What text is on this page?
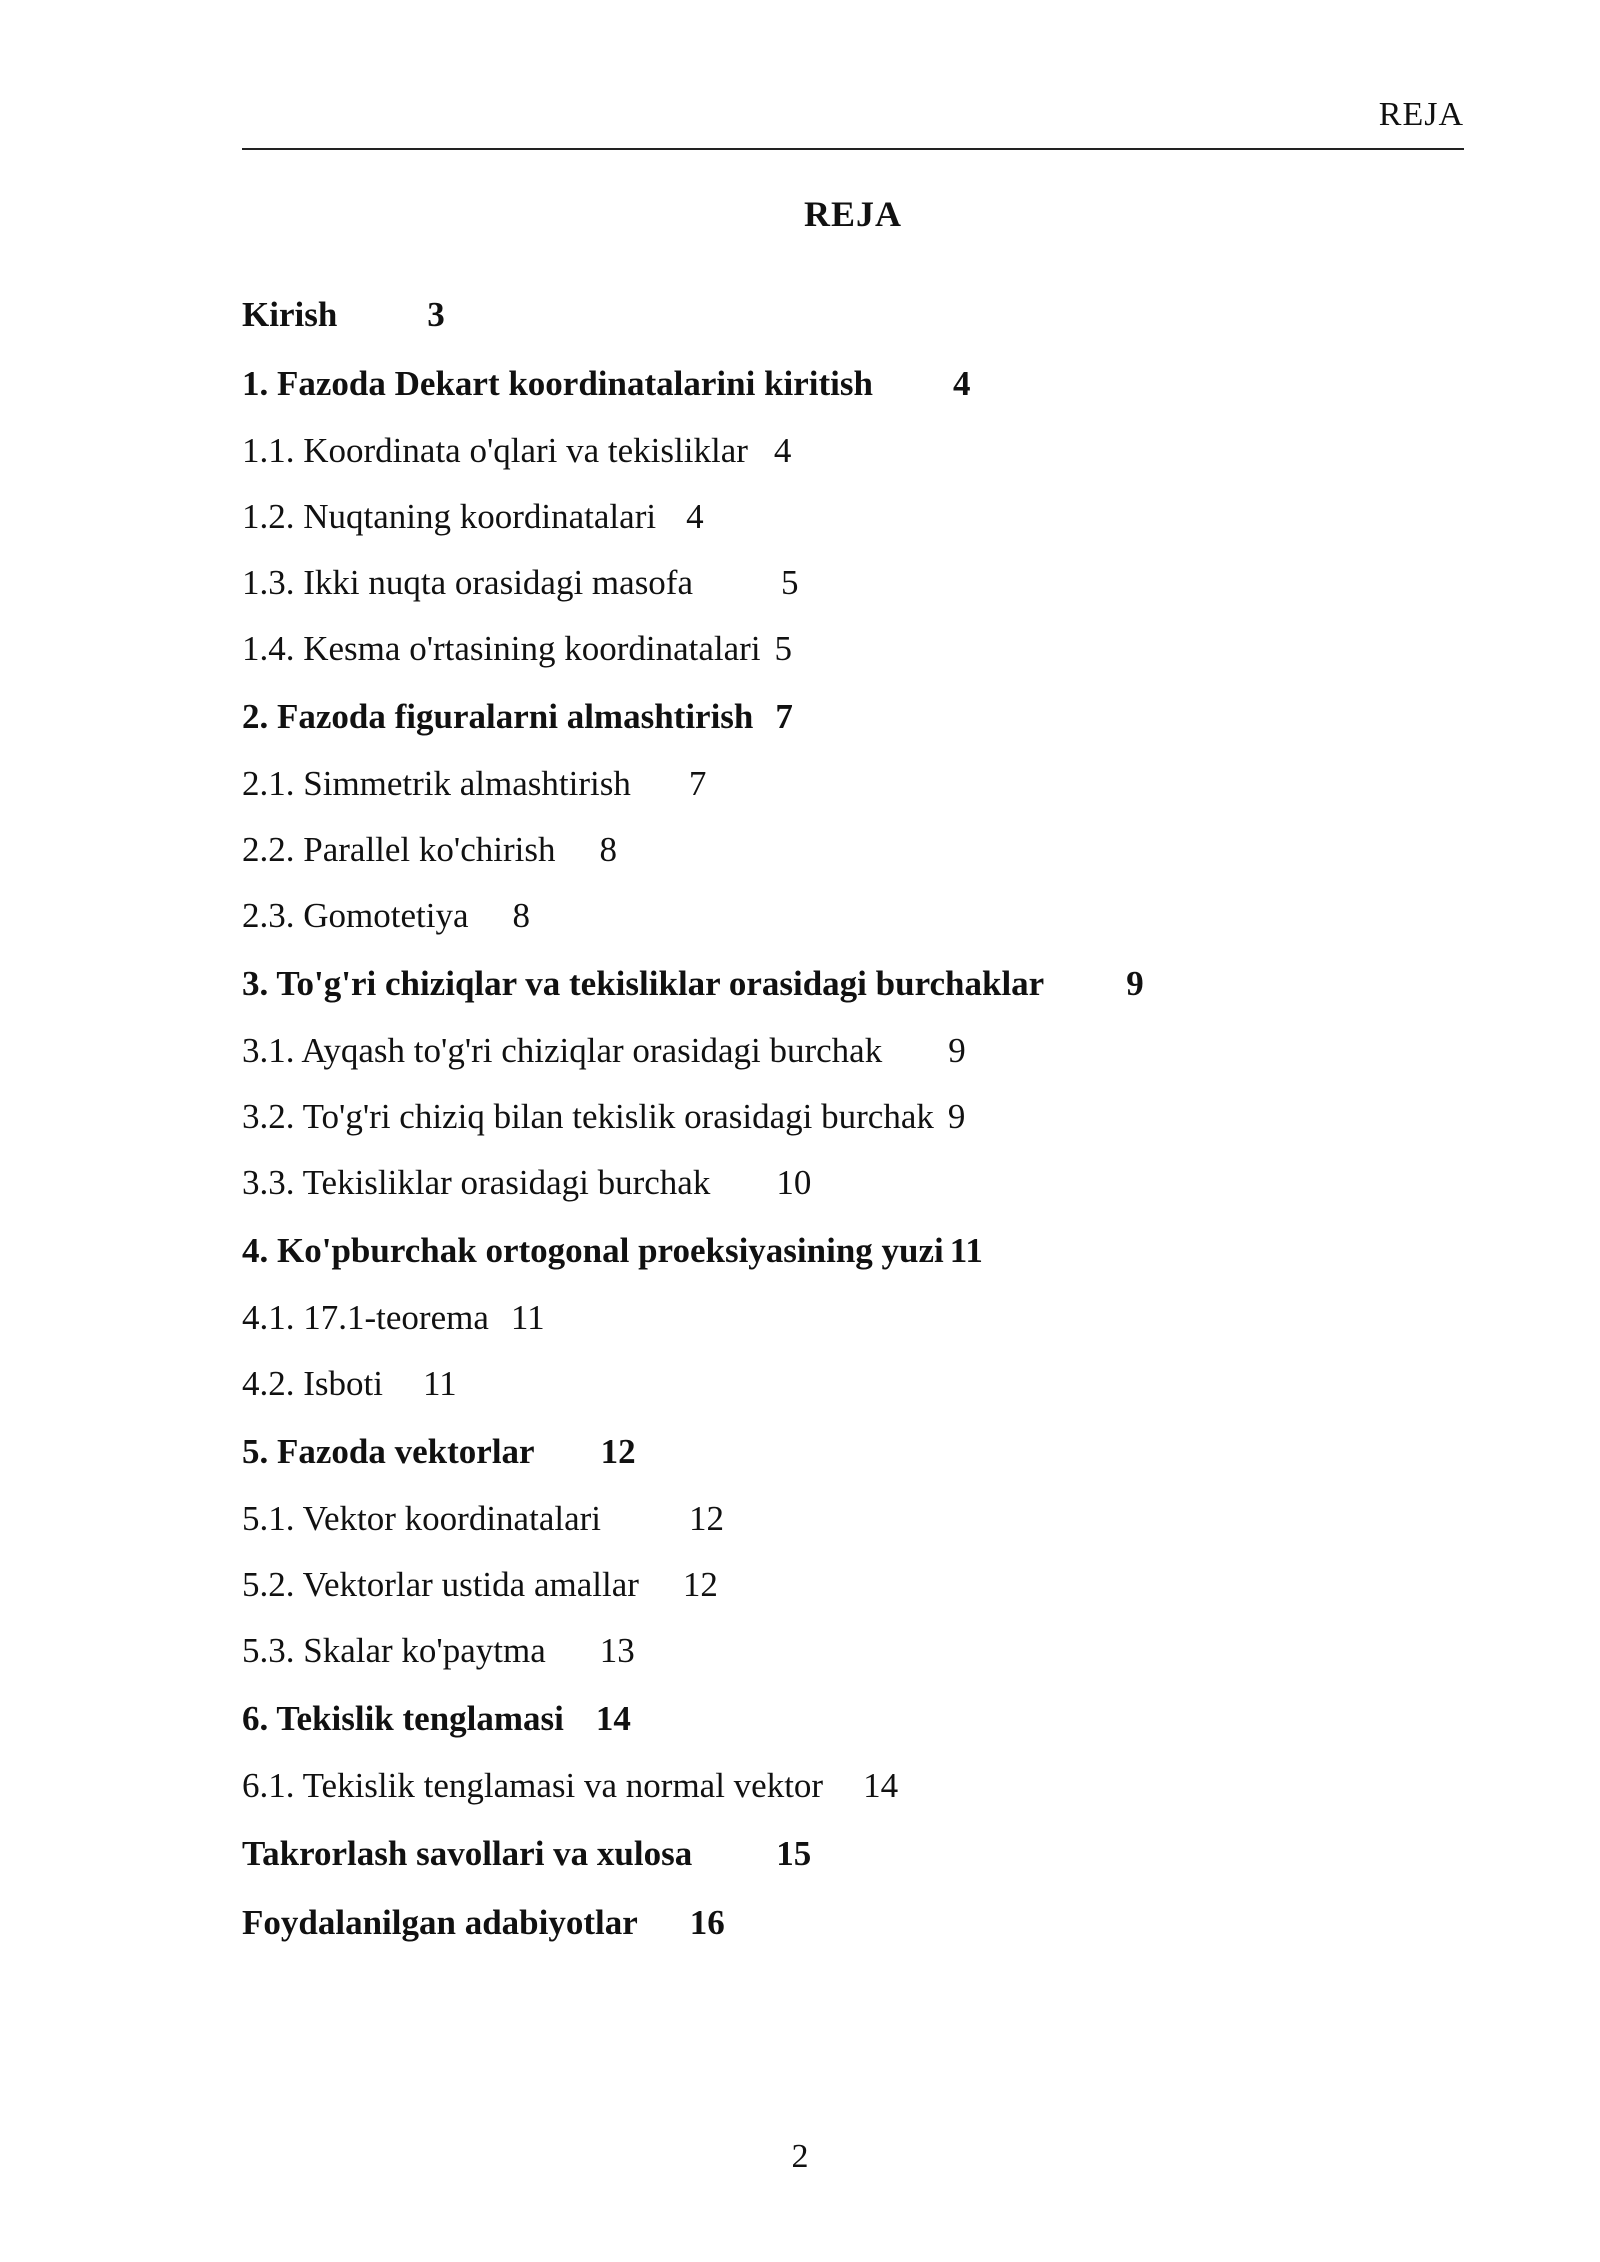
REJA
REJA
Kirish	3
1. Fazoda Dekart koordinatalarini kiritish 4
1.1. Koordinata o'qlari va tekisliklar 4
1.2. Nuqtaning koordinatalari 4
1.3. Ikki nuqta orasidagi masofa	5
1.4. Kesma o'rtasining koordinatalari 5
2. Fazoda figuralarni almashtirish 7
2.1. Simmetrik almashtirish 7
2.2. Parallel ko'chirish 8
2.3. Gomotetiya 8
3. To'g'ri chiziqlar va tekisliklar orasidagi burchaklar 9
3.1. Ayqash to'g'ri chiziqlar orasidagi burchak 9
3.2. To'g'ri chiziq bilan tekislik orasidagi burchak 9
3.3. Tekisliklar orasidagi burchak 10
4. Ko'pburchak ortogonal proeksiyasining yuzi 11
4.1. 17.1-teorema 11
4.2. Isboti 11
5. Fazoda vektorlar 12
5.1. Vektor koordinatalari	12
5.2. Vektorlar ustida amallar 12
5.3. Skalar ko'paytma 13
6. Tekislik tenglamasi 14
6.1. Tekislik tenglamasi va normal vektor 14
Takrorlash savollari va xulosa 15
Foydalanilgan adabiyotlar 16
2
